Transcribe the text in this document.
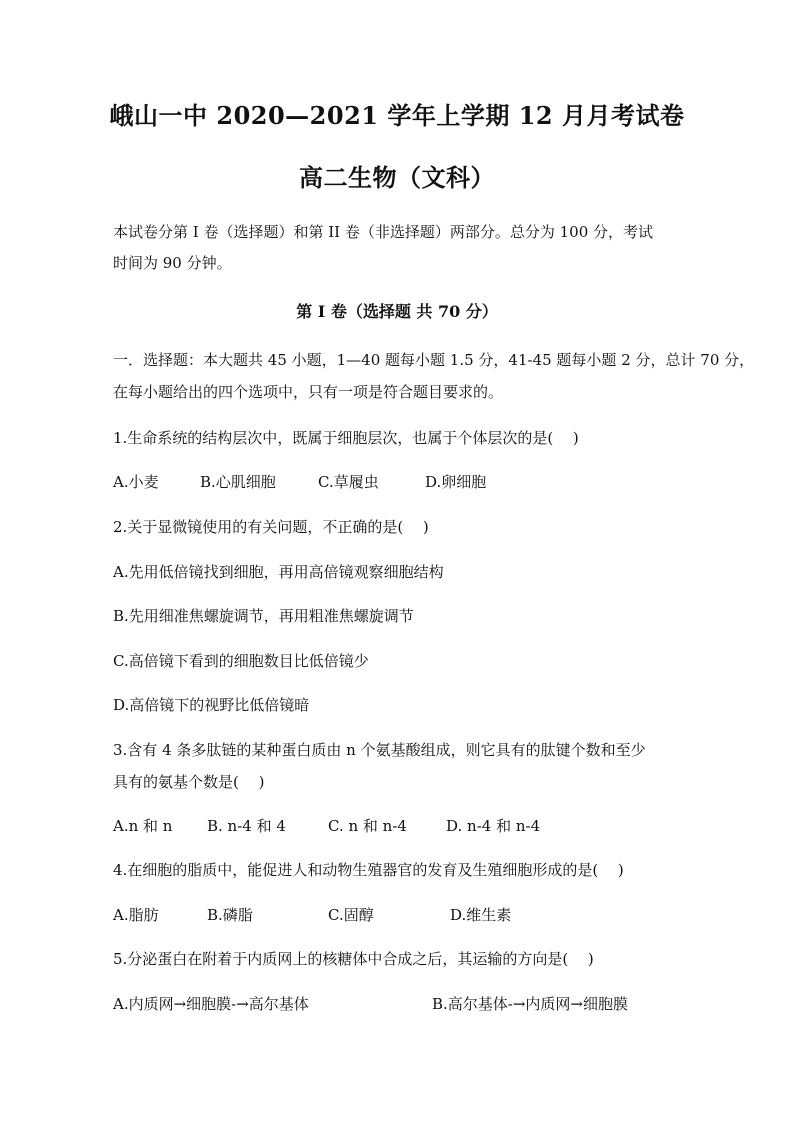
峨山一中 2020—2021 学年上学期 12 月月考试卷
高二生物（文科）
本试卷分第 I 卷（选择题）和第 II 卷（非选择题）两部分。总分为 100 分，考试
时间为 90 分钟。
第 I 卷（选择题 共 70 分）
一．选择题：本大题共 45 小题，1—40 题每小题 1.5 分，41-45 题每小题 2 分，总计 70 分，
在每小题给出的四个选项中，只有一项是符合题目要求的。
1.生命系统的结构层次中，既属于细胞层次，也属于个体层次的是(　 )
A.小麦	B.心肌细胞	C.草履虫	D.卵细胞
2.关于显微镜使用的有关问题，不正确的是(　 )
A.先用低倍镜找到细胞，再用高倍镜观察细胞结构
B.先用细准焦螺旋调节，再用粗准焦螺旋调节
C.高倍镜下看到的细胞数目比低倍镜少
D.高倍镜下的视野比低倍镜暗
3.含有 4 条多肽链的某种蛋白质由 n 个氨基酸组成，则它具有的肽键个数和至少
具有的氨基个数是(　 )
A.n 和 n B. n-4 和 4	C. n 和 n-4	D. n-4 和 n-4
4.在细胞的脂质中，能促进人和动物生殖器官的发育及生殖细胞形成的是(　 )
A.脂肪	B.磷脂	C.固醇	D.维生素
5.分泌蛋白在附着于内质网上的核糖体中合成之后，其运输的方向是(　 )
A.内质网→细胞膜-→高尔基体	B.高尔基体-→内质网→细胞膜
